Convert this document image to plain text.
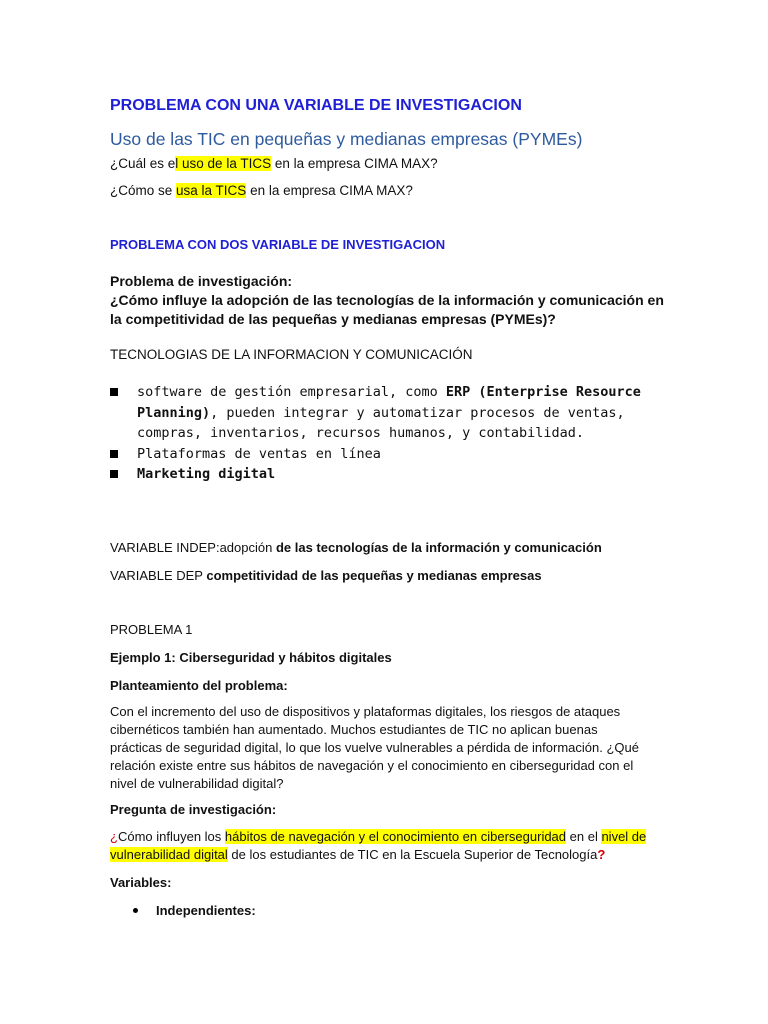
PROBLEMA CON UNA VARIABLE DE INVESTIGACION
Uso de las TIC en pequeñas y medianas empresas (PYMEs)
¿Cuál es el uso de la TICS en la empresa CIMA MAX?
¿Cómo se usa la TICS en la empresa CIMA MAX?
PROBLEMA CON DOS VARIABLE DE INVESTIGACION
Problema de investigación:
¿Cómo influye la adopción de las tecnologías de la información y comunicación en la competitividad de las pequeñas y medianas empresas (PYMEs)?
TECNOLOGIAS DE LA INFORMACION Y COMUNICACIÓN
software de gestión empresarial, como ERP (Enterprise Resource Planning), pueden integrar y automatizar procesos de ventas, compras, inventarios, recursos humanos, y contabilidad.
Plataformas de ventas en línea
Marketing digital
VARIABLE INDEP:adopción de las tecnologías de la información y comunicación
VARIABLE DEP competitividad de las pequeñas y medianas empresas
PROBLEMA 1
Ejemplo 1: Ciberseguridad y hábitos digitales
Planteamiento del problema:
Con el incremento del uso de dispositivos y plataformas digitales, los riesgos de ataques cibernéticos también han aumentado. Muchos estudiantes de TIC no aplican buenas prácticas de seguridad digital, lo que los vuelve vulnerables a pérdida de información. ¿Qué relación existe entre sus hábitos de navegación y el conocimiento en ciberseguridad con el nivel de vulnerabilidad digital?
Pregunta de investigación:
¿Cómo influyen los hábitos de navegación y el conocimiento en ciberseguridad en el nivel de vulnerabilidad digital de los estudiantes de TIC en la Escuela Superior de Tecnología?
Variables:
Independientes:
